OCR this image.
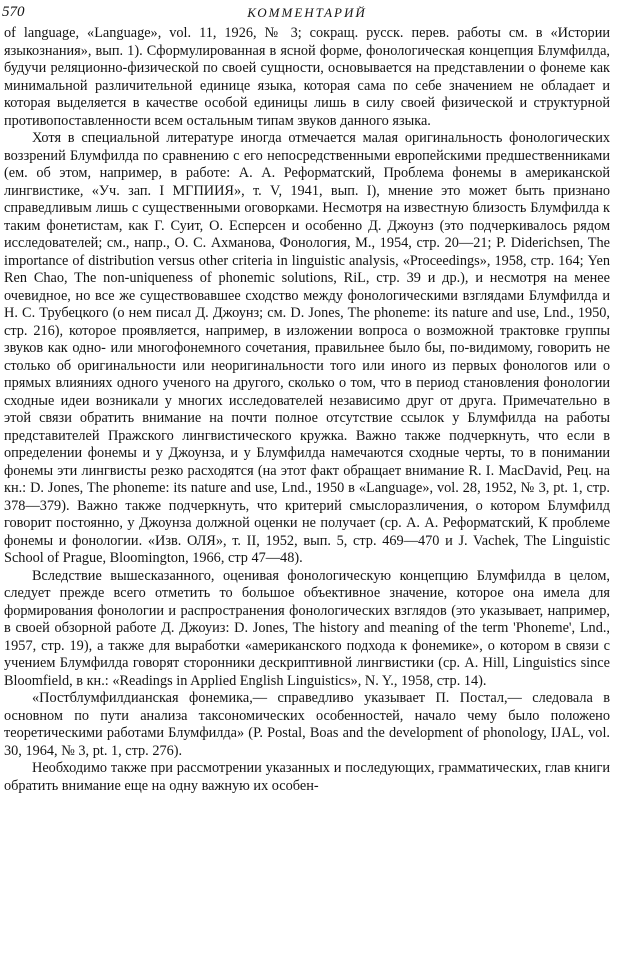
570	КОММЕНТАРИЙ

of language, «Language», vol. 11, 1926, № 3; сокращ. русск. перев. работы см. в «Истории языкознания», вып. 1). Сформулированная в ясной форме, фонологическая концепция Блумфилда, будучи реляционно-физической по своей сущности, основывается на представлении о фонеме как минимальной различительной единице языка, которая сама по себе значением не обладает и которая выделяется в качестве особой единицы лишь в силу своей физической и структурной противопоставленности всем остальным типам звуков данного языка.

Хотя в специальной литературе иногда отмечается малая оригинальность фонологических воззрений Блумфилда по сравнению с его непосредственными европейскими предшественниками (ем. об этом, например, в работе: А. А. Реформатский, Проблема фонемы в американской лингвистике, «Уч. зап. I МГПИИЯ», т. V, 1941, вып. I), мнение это может быть признано справедливым лишь с существенными оговорками. Несмотря на известную близость Блумфилда к таким фонетистам, как Г. Суит, О. Есперсен и особенно Д. Джоунз (это подчеркивалось рядом исследователей; см., напр., О. С. Ахманова, Фонология, М., 1954, стр. 20—21; P. Diderichsen, The importance of distribution versus other criteria in linguistic analysis, «Proceedings», 1958, стр. 164; Yen Ren Chao, The non-uniqueness of phonemic solutions, RiL, стр. 39 и др.), и несмотря на менее очевидное, но все же существовавшее сходство между фонологическими взглядами Блумфилда и Н. С. Трубецкого (о нем писал Д. Джоунз; см. D. Jones, The phoneme: its nature and use, Lnd., 1950, стр. 216), которое проявляется, например, в изложении вопроса о возможной трактовке группы звуков как одно- или многофонемного сочетания, правильнее было бы, по-видимому, говорить не столько об оригинальности или неоригинальности того или иного из первых фонологов или о прямых влияниях одного ученого на другого, сколько о том, что в период становления фонологии сходные идеи возникали у многих исследователей независимо друг от друга. Примечательно в этой связи обратить внимание на почти полное отсутствие ссылок у Блумфилда на работы представителей Пражского лингвистического кружка. Важно также подчеркнуть, что если в определении фонемы и у Джоунза, и у Блумфилда намечаются сходные черты, то в понимании фонемы эти лингвисты резко расходятся (на этот факт обращает внимание R. I. MacDavid, Рец. на кн.: D. Jones, The phoneme: its nature and use, Lnd., 1950 в «Language», vol. 28, 1952, № 3, pt. 1, стр. 378—379). Важно также подчеркнуть, что критерий смыслоразличения, о котором Блумфилд говорит постоянно, у Джоунза должной оценки не получает (ср. А. А. Реформатский, К проблеме фонемы и фонологии. «Изв. ОЛЯ», т. II, 1952, вып. 5, стр. 469—470 и J. Vachek, The Linguistic School of Prague, Bloomington, 1966, стр 47—48).

Вследствие вышесказанного, оценивая фонологическую концепцию Блумфилда в целом, следует прежде всего отметить то большое объективное значение, которое она имела для формирования фонологии и распространения фонологических взглядов (это указывает, например, в своей обзорной работе Д. Джоуиз: D. Jones, The history and meaning of the term 'Phoneme', Lnd., 1957, стр. 19), а также для выработки «американского подхода к фонемике», о котором в связи с учением Блумфилда говорят сторонники дескриптивной лингвистики (ср. A. Hill, Linguistics since Bloomfield, в кн.: «Readings in Applied English Linguistics», N. Y., 1958, стр. 14).

«Постблумфилдианская фонемика,— справедливо указывает П. Постал,— следовала в основном по пути анализа таксономических особенностей, начало чему было положено теоретическими работами Блумфилда» (P. Postal, Boas and the development of phonology, IJAL, vol. 30, 1964, № 3, pt. 1, стр. 276).

Необходимо также при рассмотрении указанных и последующих, грамматических, глав книги обратить внимание еще на одну важную их особен-
